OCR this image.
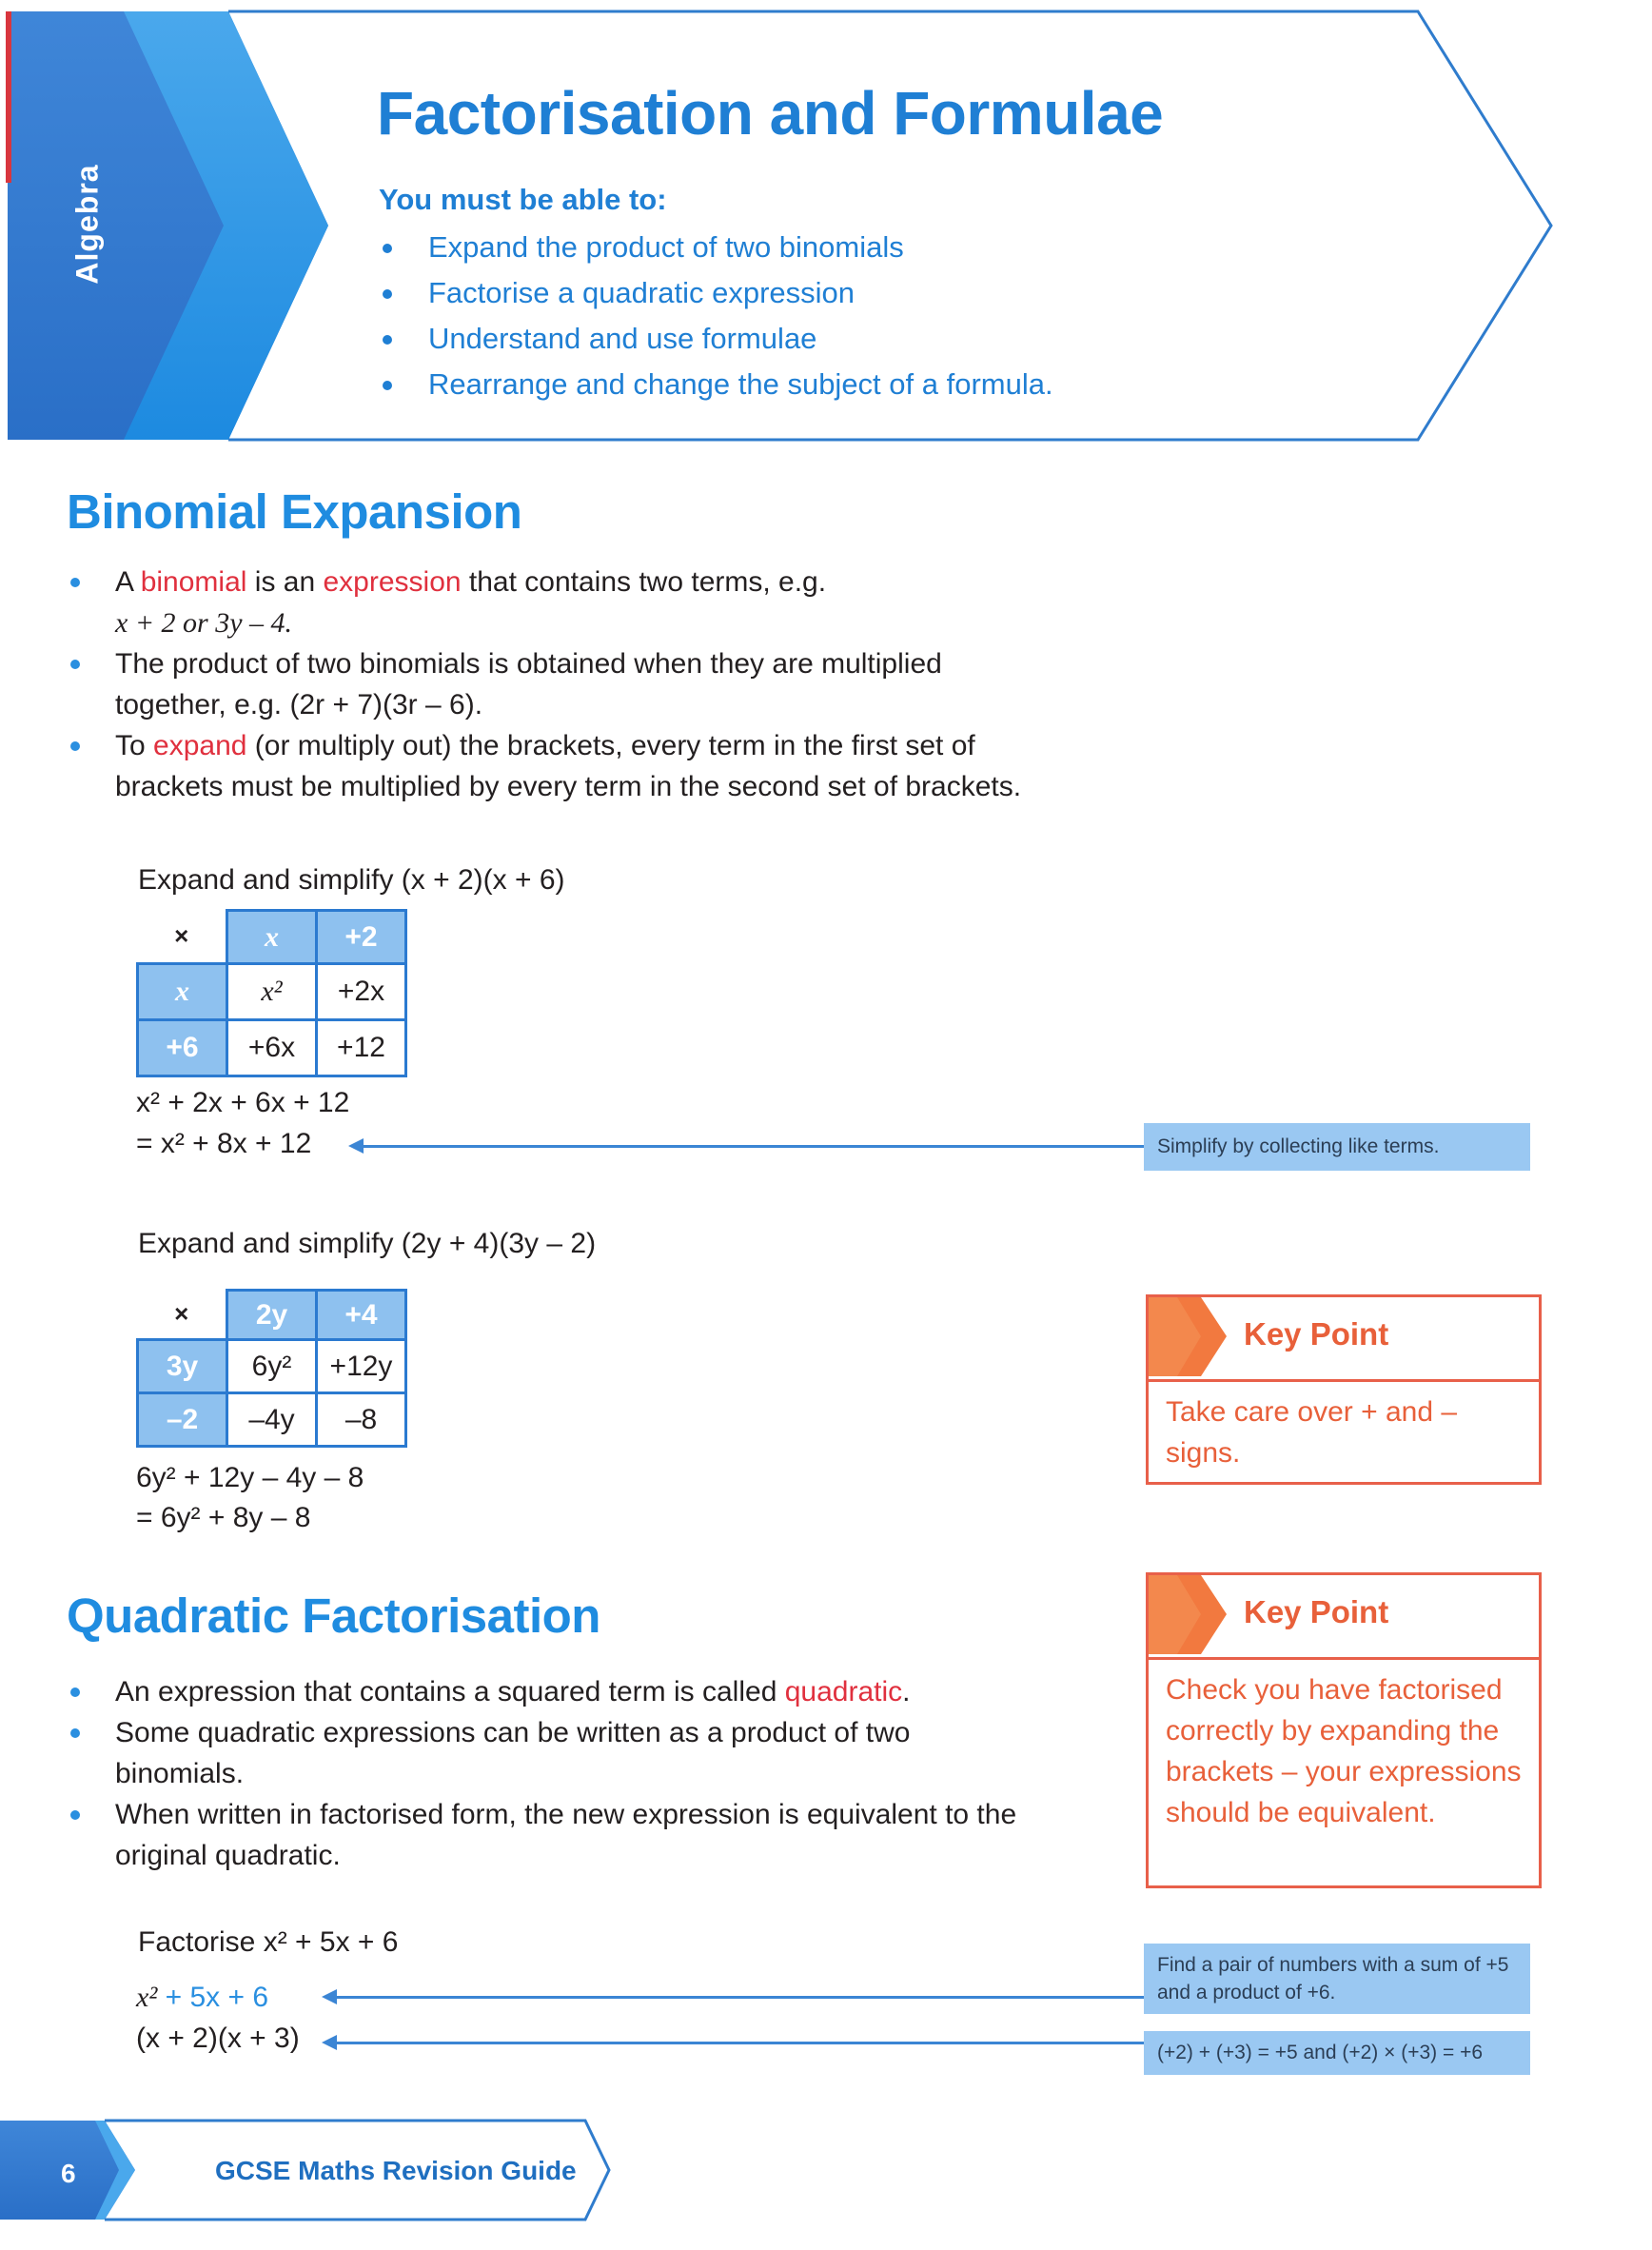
Algebra
Factorisation and Formulae
You must be able to:
Expand the product of two binomials
Factorise a quadratic expression
Understand and use formulae
Rearrange and change the subject of a formula.
Binomial Expansion
A binomial is an expression that contains two terms, e.g.
x + 2 or 3y – 4.
The product of two binomials is obtained when they are multiplied together, e.g. (2r + 7)(3r – 6).
To expand (or multiply out) the brackets, every term in the first set of brackets must be multiplied by every term in the second set of brackets.
Expand and simplify (x + 2)(x + 6)
×	x	+2
x	x²	+2x
+6	+6x	+12
x² + 2x + 6x + 12
= x² + 8x + 12	Simplify by collecting like terms.
Expand and simplify (2y + 4)(3y – 2)
×	2y	+4
3y	6y²	+12y
–2	–4y	–8
6y² + 12y – 4y – 8
= 6y² + 8y – 8
Key Point
Take care over + and – signs.
Quadratic Factorisation
An expression that contains a squared term is called quadratic.
Some quadratic expressions can be written as a product of two binomials.
When written in factorised form, the new expression is equivalent to the original quadratic.
Key Point
Check you have factorised correctly by expanding the brackets – your expressions should be equivalent.
Factorise x² + 5x + 6
x² + 5x + 6
(x + 2)(x + 3)
Find a pair of numbers with a sum of +5 and a product of +6.
(+2) + (+3) = +5 and (+2) × (+3) = +6
6	GCSE Maths Revision Guide
